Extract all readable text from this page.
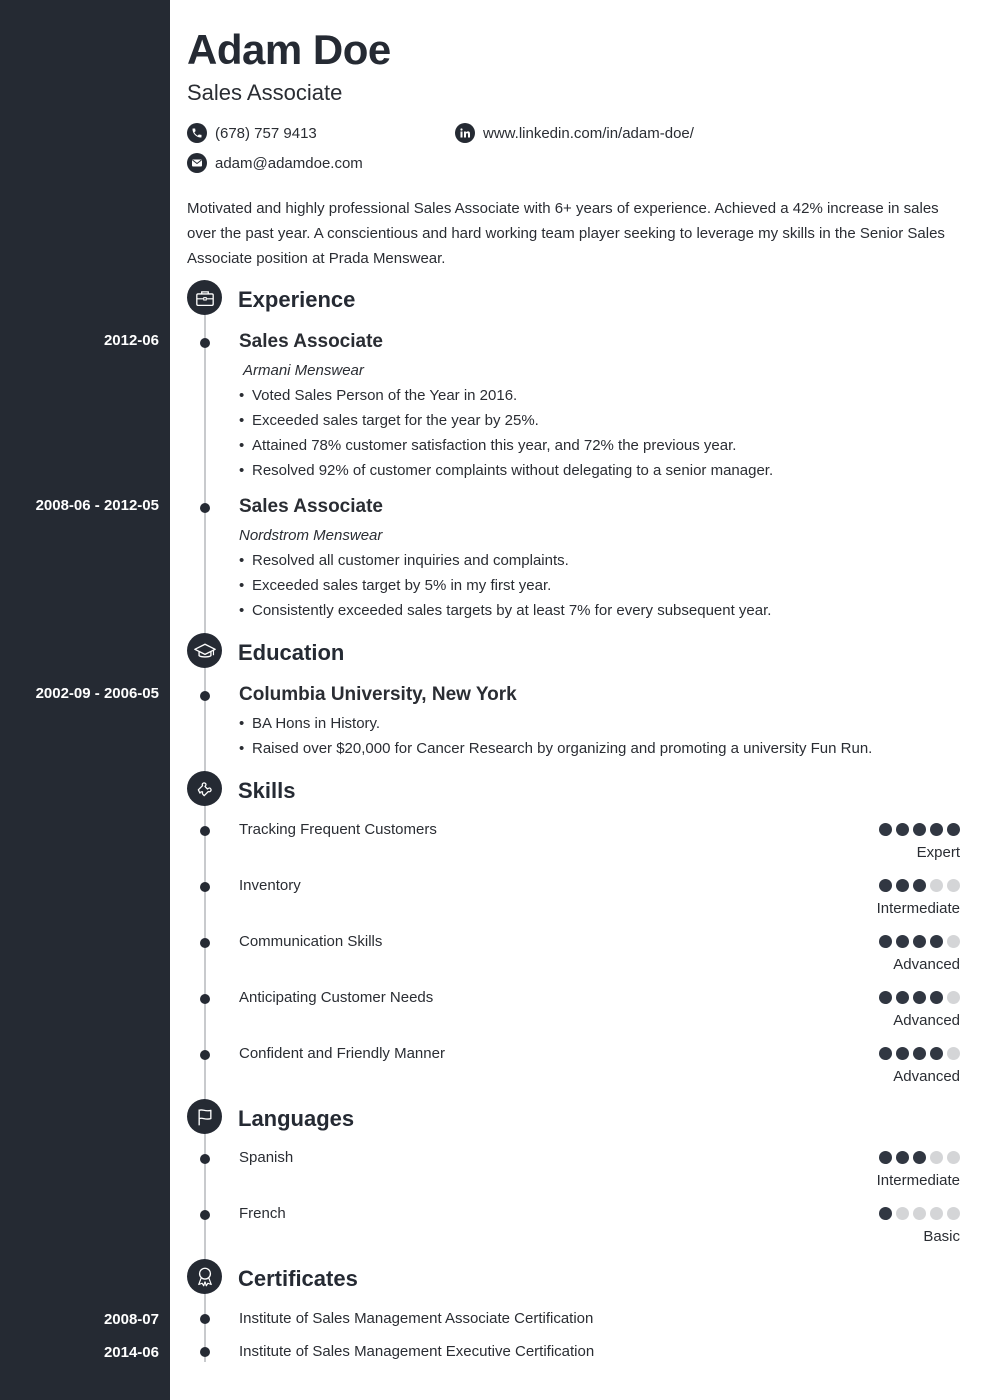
Adam Doe
Sales Associate
(678) 757 9413	www.linkedin.com/in/adam-doe/
adam@adamdoe.com
Motivated and highly professional Sales Associate with 6+ years of experience. Achieved a 42% increase in sales over the past year. A conscientious and hard working team player seeking to leverage my skills in the Senior Sales Associate position at Prada Menswear.
Experience
2012-06	Sales Associate
Armani Menswear
• Voted Sales Person of the Year in 2016.
• Exceeded sales target for the year by 25%.
• Attained 78% customer satisfaction this year, and 72% the previous year.
• Resolved 92% of customer complaints without delegating to a senior manager.
2008-06 - 2012-05	Sales Associate
Nordstrom Menswear
• Resolved all customer inquiries and complaints.
• Exceeded sales target by 5% in my first year.
• Consistently exceeded sales targets by at least 7% for every subsequent year.
Education
2002-09 - 2006-05	Columbia University, New York
• BA Hons in History.
• Raised over $20,000 for Cancer Research by organizing and promoting a university Fun Run.
Skills
Tracking Frequent Customers
Expert
Inventory
Intermediate
Communication Skills
Advanced
Anticipating Customer Needs
Advanced
Confident and Friendly Manner
Advanced
Languages
Spanish
Intermediate
French
Basic
Certificates
2008-07	Institute of Sales Management Associate Certification
2014-06	Institute of Sales Management Executive Certification
